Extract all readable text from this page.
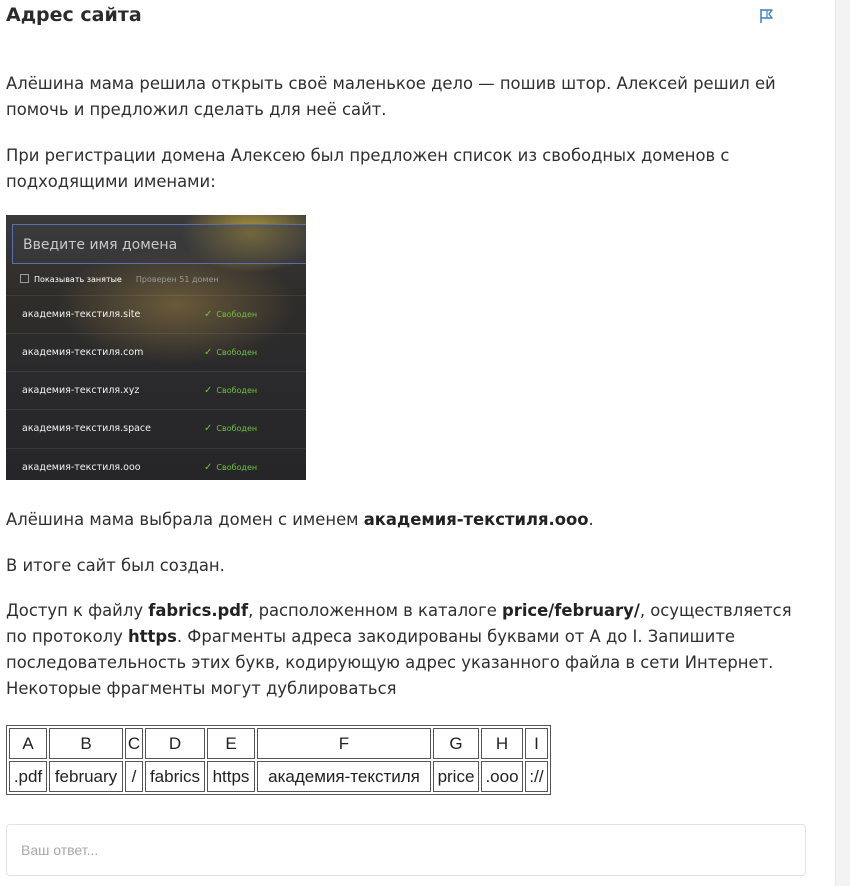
Адрес сайта

Алёшина мама решила открыть своё маленькое дело — пошив штор. Алексей решил ей помочь и предложил сделать для неё сайт.

При регистрации домена Алексею был предложен список из свободных доменов с подходящими именами:

Введите имя домена
Показывать занятые Проверен 51 домен
академия-текстиля.site	✓ Свободен
академия-текстиля.com	✓ Свободен
академия-текстиля.xyz	✓ Свободен
академия-текстиля.space	✓ Свободен
академия-текстиля.ooo	✓ Свободен

Алёшина мама выбрала домен с именем академия-текстиля.ооо.

В итоге сайт был создан.

Доступ к файлу fabrics.pdf, расположенном в каталоге price/february/, осуществляется по протоколу https. Фрагменты адреса закодированы буквами от А до I. Запишите последовательность этих букв, кодирующую адрес указанного файла в сети Интернет. Некоторые фрагменты могут дублироваться

A	B	C	D	E	F	G	H	I
.pdf	february	/	fabrics	https	академия-текстиля	price	.ooo	://
Ваш ответ...
